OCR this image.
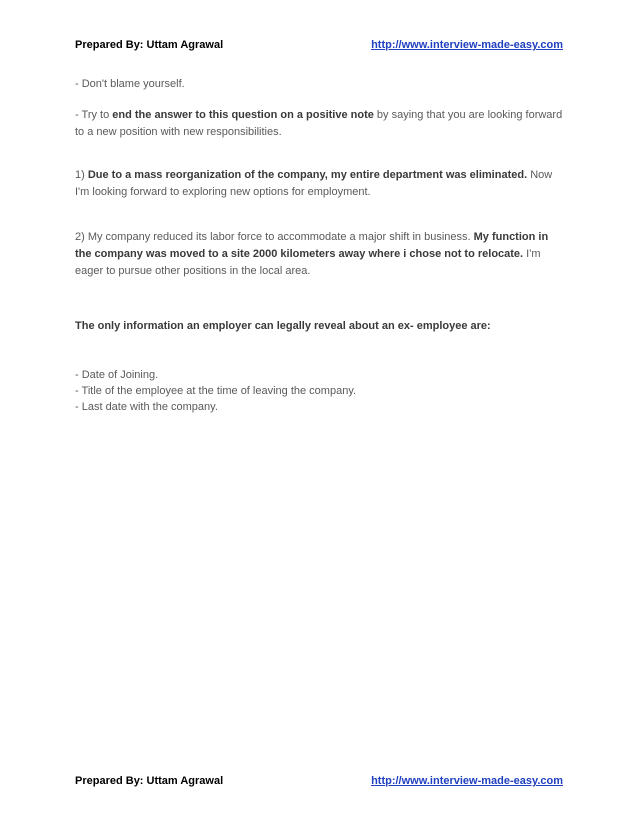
Prepared By: Uttam Agrawal	http://www.interview-made-easy.com
- Don't blame yourself.
- Try to end the answer to this question on a positive note by saying that you are looking forward to a new position with new responsibilities.
1) Due to a mass reorganization of the company, my entire department was eliminated. Now I'm looking forward to exploring new options for employment.
2) My company reduced its labor force to accommodate a major shift in business. My function in the company was moved to a site 2000 kilometers away where i chose not to relocate. I'm eager to pursue other positions in the local area.
The only information an employer can legally reveal about an ex- employee are:
- Date of Joining.
- Title of the employee at the time of leaving the company.
- Last date with the company.
Prepared By: Uttam Agrawal	http://www.interview-made-easy.com
